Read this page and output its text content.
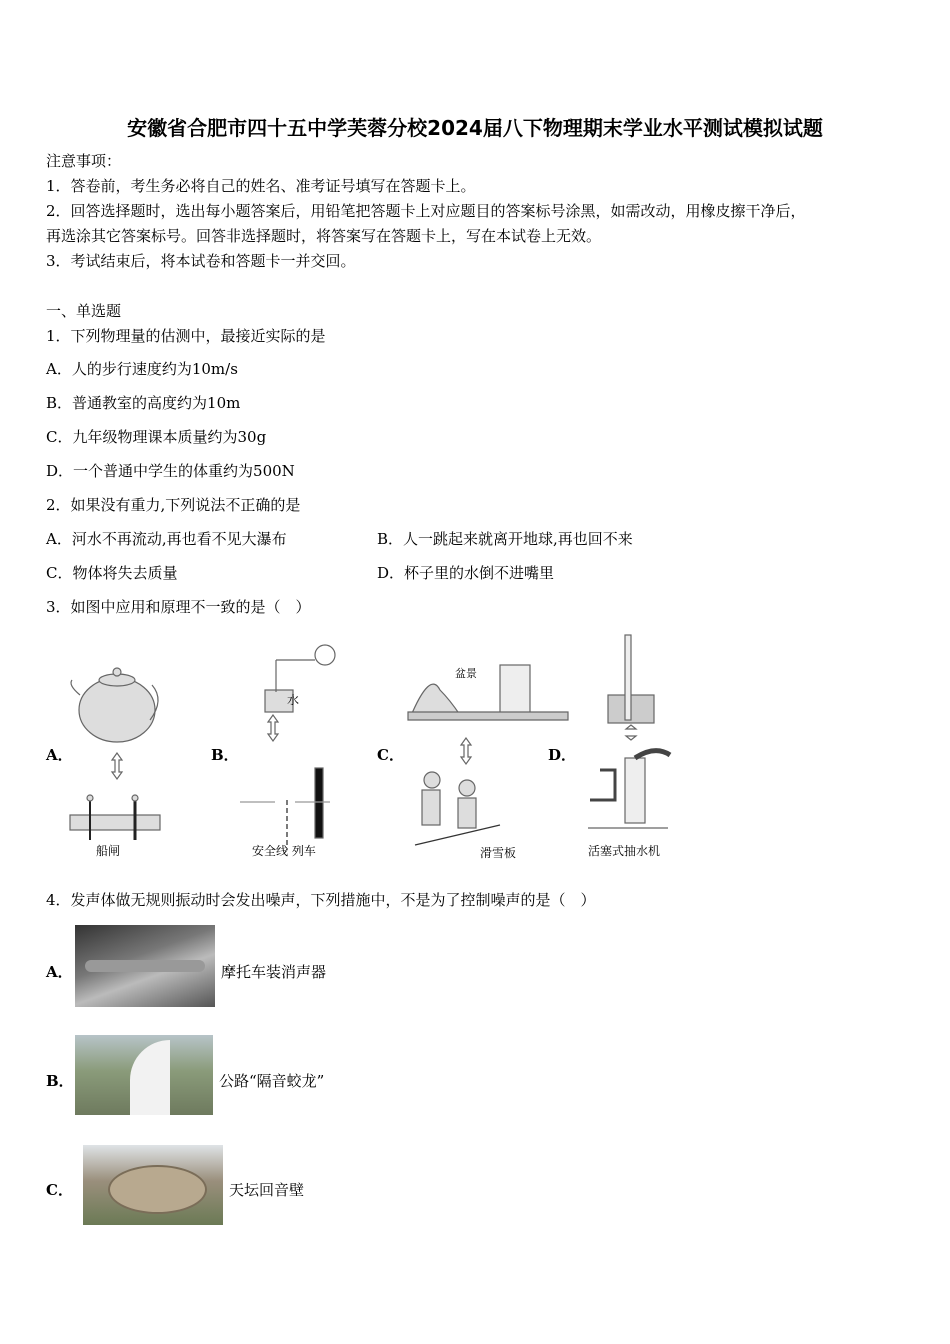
安徽省合肥市四十五中学芙蓉分校2024届八下物理期末学业水平测试模拟试题
注意事项：
1．答卷前，考生务必将自己的姓名、准考证号填写在答题卡上。
2．回答选择题时，选出每小题答案后，用铅笔把答题卡上对应题目的答案标号涂黑，如需改动，用橡皮擦干净后，
再选涂其它答案标号。回答非选择题时，将答案写在答题卡上，写在本试卷上无效。
3．考试结束后，将本试卷和答题卡一并交回。
一、单选题
1．下列物理量的估测中，最接近实际的是
A．人的步行速度约为10m/s
B．普通教室的高度约为10m
C．九年级物理课本质量约为30g
D．一个普通中学生的体重约为500N
2．如果没有重力,下列说法不正确的是
A．河水不再流动,再也看不见大瀑布	B．人一跳起来就离开地球,再也回不来
C．物体将失去质量	D．杯子里的水倒不进嘴里
3．如图中应用和原理不一致的是（　）
A．	B．	C．	D．
水
盆景
船闸	安全线 列车	滑雪板	活塞式抽水机
4．发声体做无规则振动时会发出噪声，下列措施中，不是为了控制噪声的是（　）
A．	摩托车装消声器
B．	公路“隔音蛟龙”
C．	天坛回音壁
